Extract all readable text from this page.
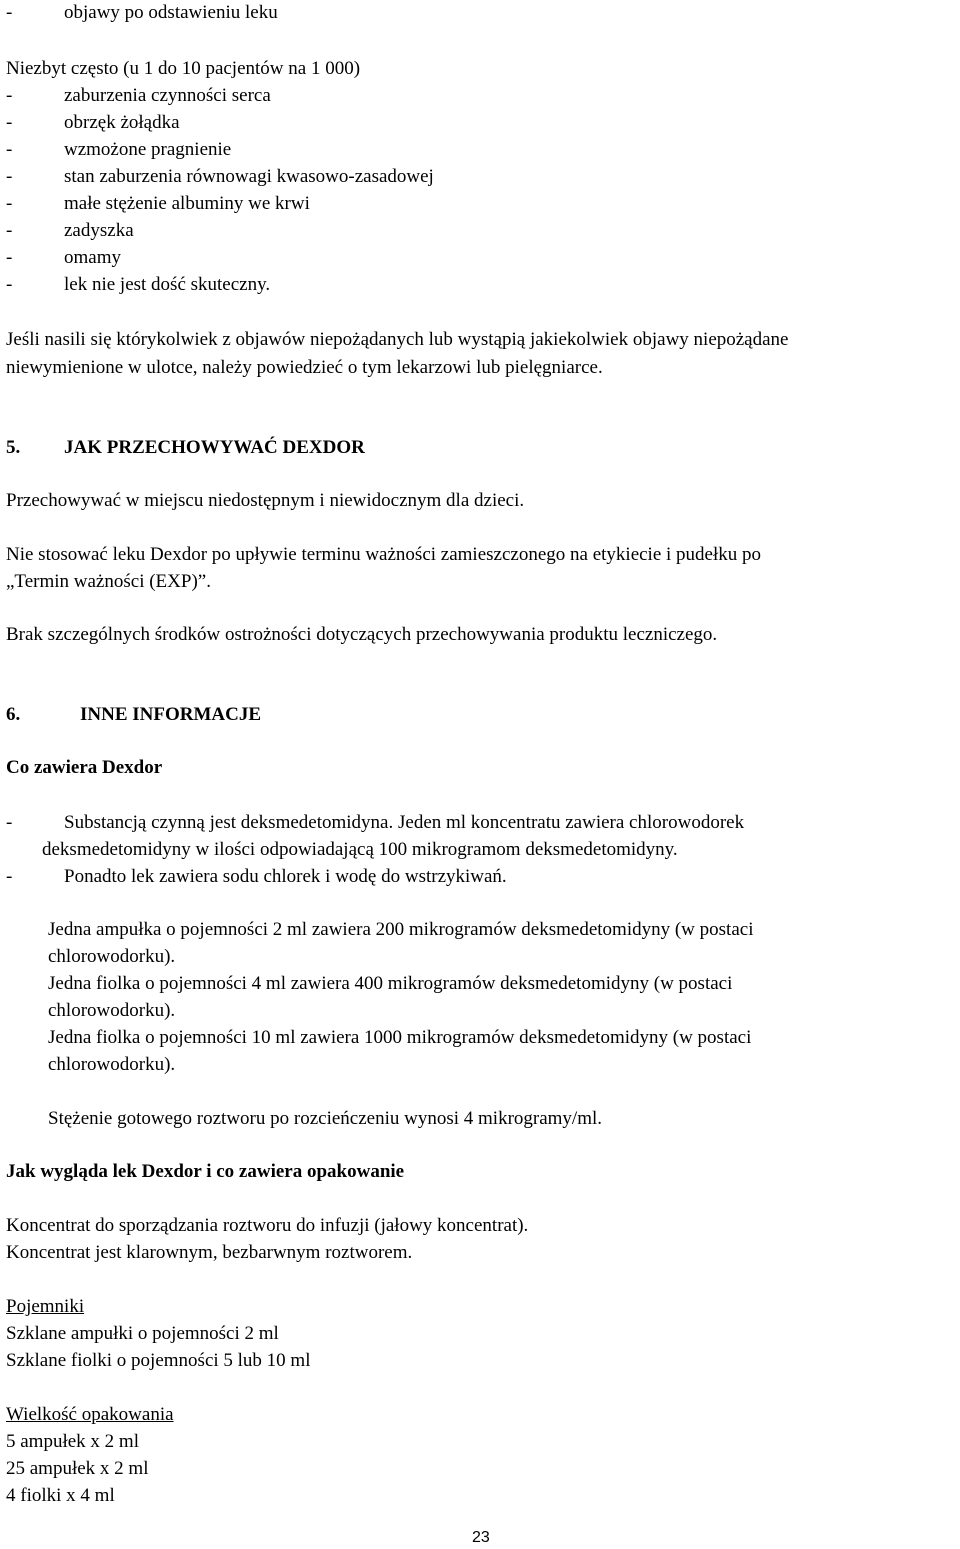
-	objawy po odstawieniu leku
Niezbyt często (u 1 do 10 pacjentów na 1 000)
-	zaburzenia czynności serca
-	obrzęk żołądka
-	wzmożone pragnienie
-	stan zaburzenia równowagi kwasowo-zasadowej
-	małe stężenie albuminy we krwi
-	zadyszka
-	omamy
-	lek nie jest dość skuteczny.
Jeśli nasili się którykolwiek z objawów niepożądanych lub wystąpią jakiekolwiek objawy niepożądane
niewymienione w ulotce, należy powiedzieć o tym lekarzowi lub pielęgniarce.
5. JAK PRZECHOWYWAĆ DEXDOR
Przechowywać w miejscu niedostępnym i niewidocznym dla dzieci.
Nie stosować leku Dexdor po upływie terminu ważności zamieszczonego na etykiecie i pudełku po
„Termin ważności (EXP)”.
Brak szczególnych środków ostrożności dotyczących przechowywania produktu leczniczego.
6.	INNE INFORMACJE
Co zawiera Dexdor
-	Substancją czynną jest deksmedetomidyna. Jeden ml koncentratu zawiera chlorowodorek
deksmedetomidyny w ilości odpowiadającą 100 mikrogramom deksmedetomidyny.
-	Ponadto lek zawiera sodu chlorek i wodę do wstrzykiwań.
Jedna ampułka o pojemności 2 ml zawiera 200 mikrogramów deksmedetomidyny (w postaci
chlorowodorku).
Jedna fiolka o pojemności 4 ml zawiera 400 mikrogramów deksmedetomidyny (w postaci
chlorowodorku).
Jedna fiolka o pojemności 10 ml zawiera 1000 mikrogramów deksmedetomidyny (w postaci
chlorowodorku).
Stężenie gotowego roztworu po rozcieńczeniu wynosi 4 mikrogramy/ml.
Jak wygląda lek Dexdor i co zawiera opakowanie
Koncentrat do sporządzania roztworu do infuzji (jałowy koncentrat).
Koncentrat jest klarownym, bezbarwnym roztworem.
Pojemniki
Szklane ampułki o pojemności 2 ml
Szklane fiolki o pojemności 5 lub 10 ml
Wielkość opakowania
5 ampułek x 2 ml
25 ampułek x 2 ml
4 fiolki x 4 ml
23
